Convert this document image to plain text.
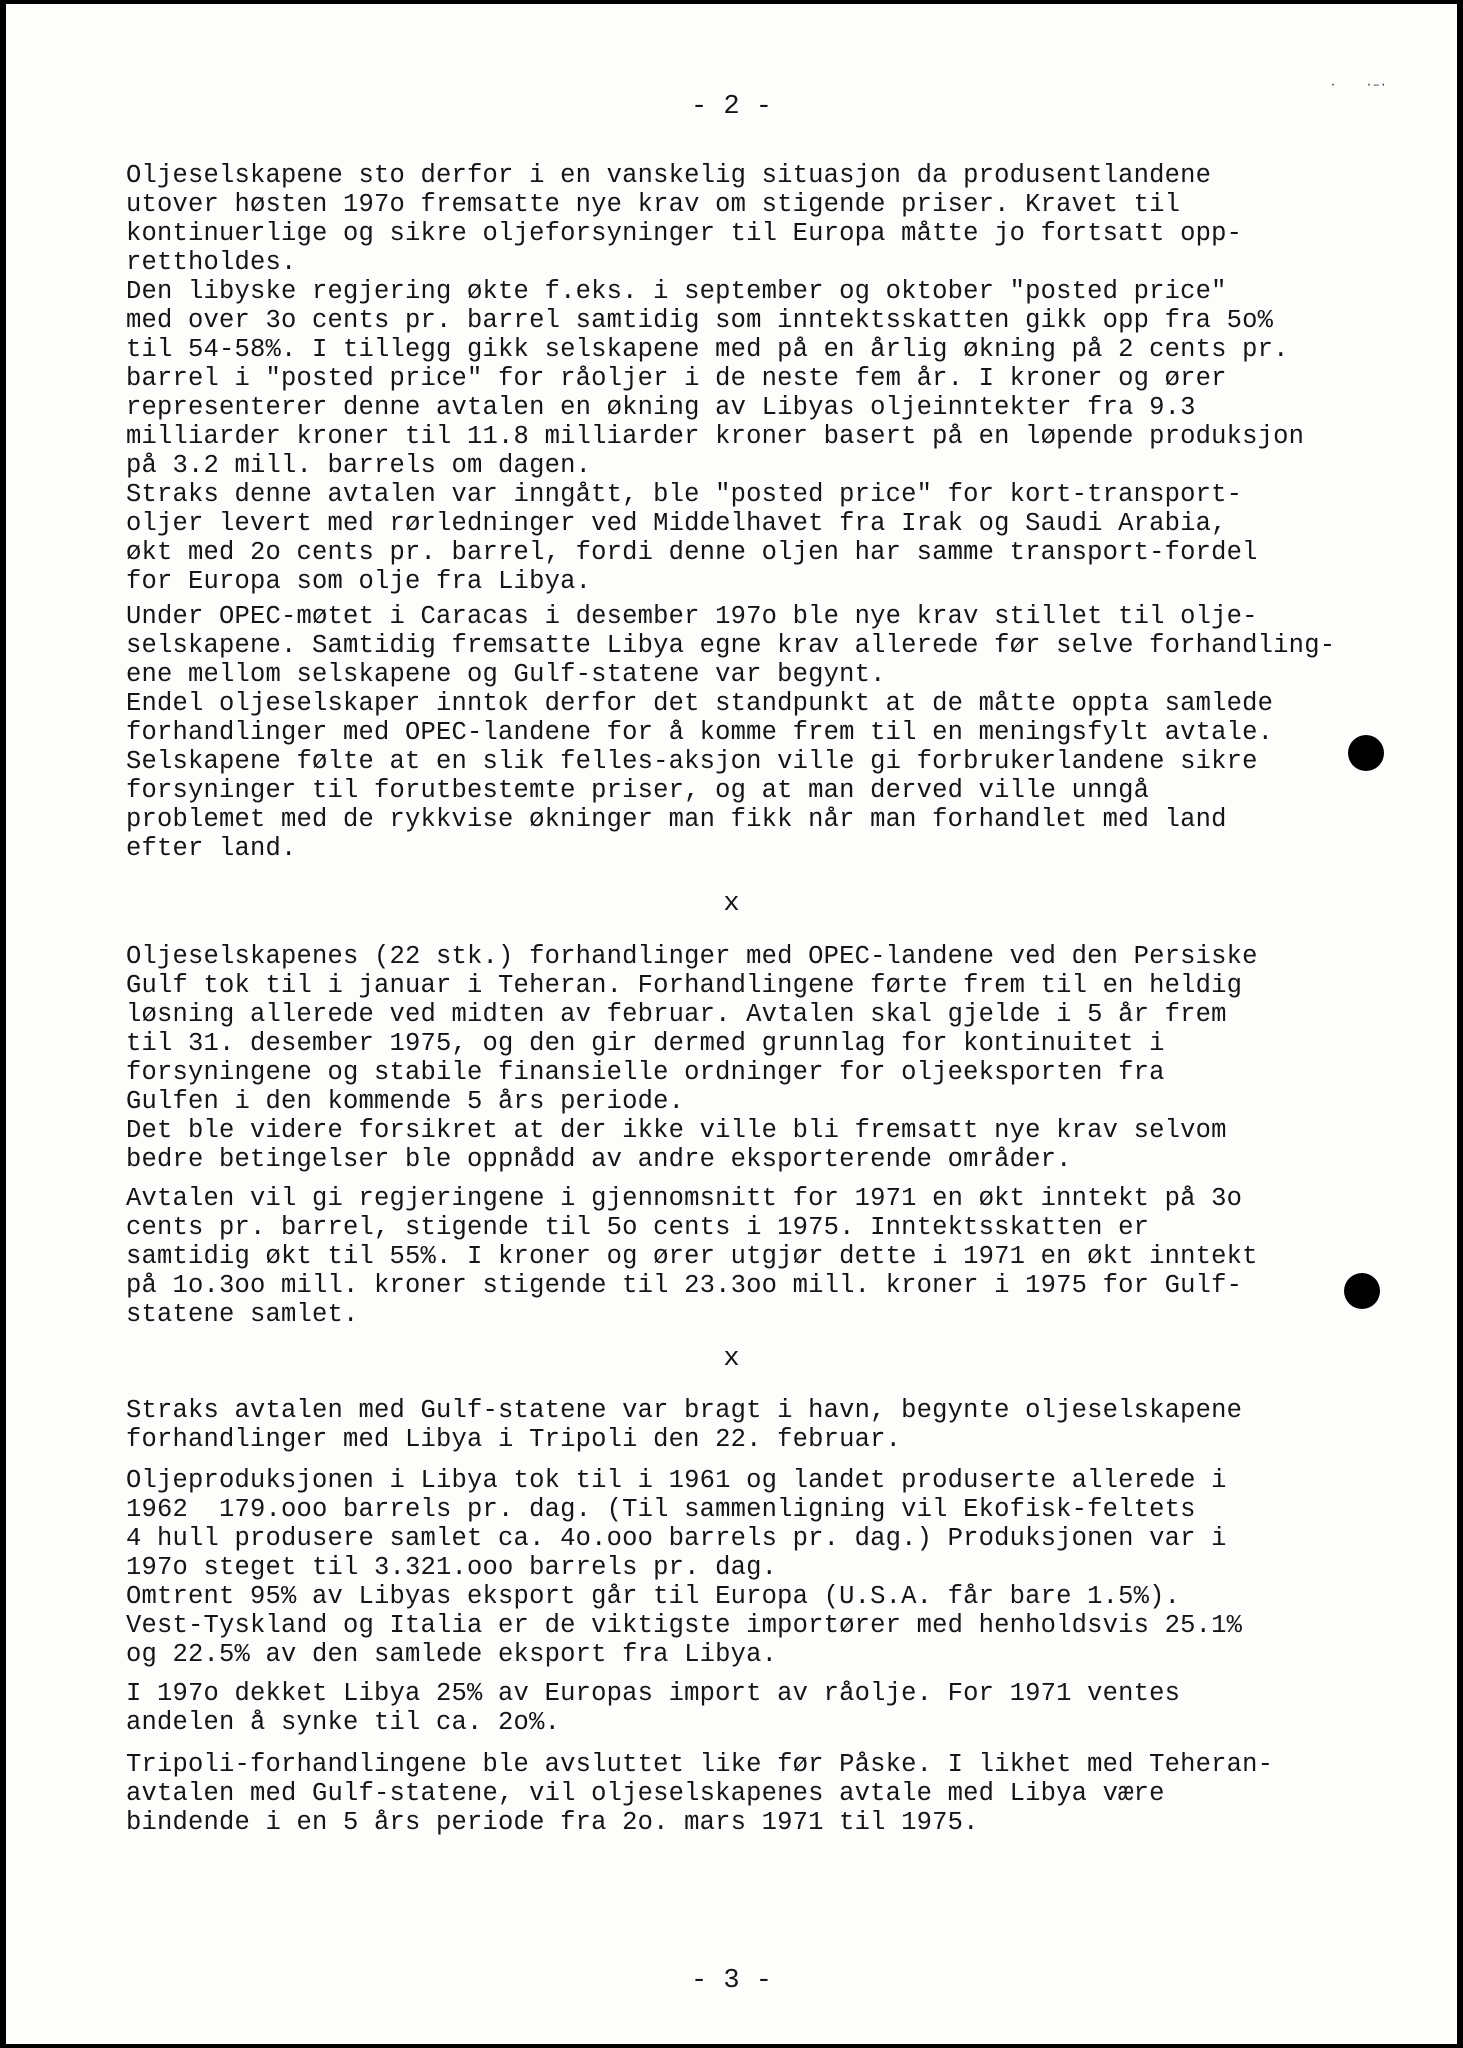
- 2 -
·    ·–·
Oljeselskapene sto derfor i en vanskelig situasjon da produsentlandene
utover høsten 197o fremsatte nye krav om stigende priser. Kravet til
kontinuerlige og sikre oljeforsyninger til Europa måtte jo fortsatt opp-
rettholdes.
Den libyske regjering økte f.eks. i september og oktober "posted price"
med over 3o cents pr. barrel samtidig som inntektsskatten gikk opp fra 5o%
til 54-58%. I tillegg gikk selskapene med på en årlig økning på 2 cents pr.
barrel i "posted price" for råoljer i de neste fem år. I kroner og ører
representerer denne avtalen en økning av Libyas oljeinntekter fra 9.3
milliarder kroner til 11.8 milliarder kroner basert på en løpende produksjon
på 3.2 mill. barrels om dagen.
Straks denne avtalen var inngått, ble "posted price" for kort-transport-
oljer levert med rørledninger ved Middelhavet fra Irak og Saudi Arabia,
økt med 2o cents pr. barrel, fordi denne oljen har samme transport-fordel
for Europa som olje fra Libya.
Under OPEC-møtet i Caracas i desember 197o ble nye krav stillet til olje-
selskapene. Samtidig fremsatte Libya egne krav allerede før selve forhandling-
ene mellom selskapene og Gulf-statene var begynt.
Endel oljeselskaper inntok derfor det standpunkt at de måtte oppta samlede
forhandlinger med OPEC-landene for å komme frem til en meningsfylt avtale.
Selskapene følte at en slik felles-aksjon ville gi forbrukerlandene sikre
forsyninger til forutbestemte priser, og at man derved ville unngå
problemet med de rykkvise økninger man fikk når man forhandlet med land
efter land.
x
Oljeselskapenes (22 stk.) forhandlinger med OPEC-landene ved den Persiske
Gulf tok til i januar i Teheran. Forhandlingene førte frem til en heldig
løsning allerede ved midten av februar. Avtalen skal gjelde i 5 år frem
til 31. desember 1975, og den gir dermed grunnlag for kontinuitet i
forsyningene og stabile finansielle ordninger for oljeeksporten fra
Gulfen i den kommende 5 års periode.
Det ble videre forsikret at der ikke ville bli fremsatt nye krav selvom
bedre betingelser ble oppnådd av andre eksporterende områder.
Avtalen vil gi regjeringene i gjennomsnitt for 1971 en økt inntekt på 3o
cents pr. barrel, stigende til 5o cents i 1975. Inntektsskatten er
samtidig økt til 55%. I kroner og ører utgjør dette i 1971 en økt inntekt
på 1o.3oo mill. kroner stigende til 23.3oo mill. kroner i 1975 for Gulf-
statene samlet.
x
Straks avtalen med Gulf-statene var bragt i havn, begynte oljeselskapene
forhandlinger med Libya i Tripoli den 22. februar.
Oljeproduksjonen i Libya tok til i 1961 og landet produserte allerede i
1962  179.ooo barrels pr. dag. (Til sammenligning vil Ekofisk-feltets
4 hull produsere samlet ca. 4o.ooo barrels pr. dag.) Produksjonen var i
197o steget til 3.321.ooo barrels pr. dag.
Omtrent 95% av Libyas eksport går til Europa (U.S.A. får bare 1.5%).
Vest-Tyskland og Italia er de viktigste importører med henholdsvis 25.1%
og 22.5% av den samlede eksport fra Libya.
I 197o dekket Libya 25% av Europas import av råolje. For 1971 ventes
andelen å synke til ca. 2o%.
Tripoli-forhandlingene ble avsluttet like før Påske. I likhet med Teheran-
avtalen med Gulf-statene, vil oljeselskapenes avtale med Libya være
bindende i en 5 års periode fra 2o. mars 1971 til 1975.
- 3 -
